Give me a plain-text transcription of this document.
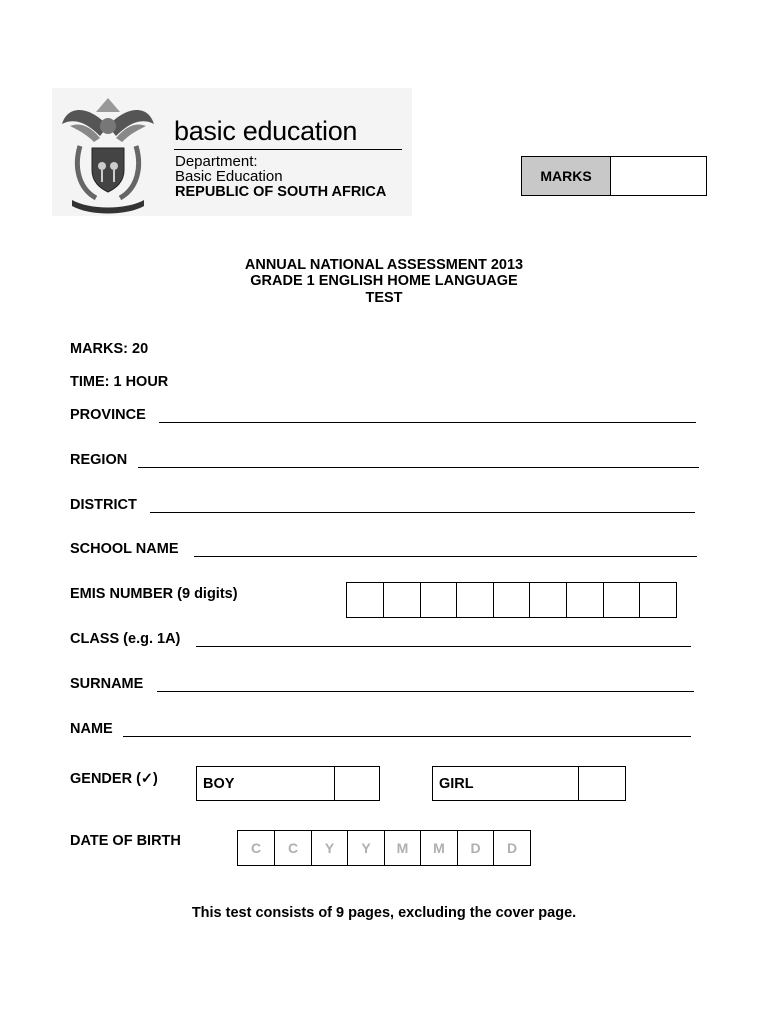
basic education
Department:
Basic Education
REPUBLIC OF SOUTH AFRICA
MARKS
ANNUAL NATIONAL ASSESSMENT 2013
GRADE 1 ENGLISH HOME LANGUAGE
TEST
MARKS: 20
TIME: 1 HOUR
PROVINCE
REGION
DISTRICT
SCHOOL NAME
EMIS NUMBER (9 digits)
CLASS (e.g. 1A)
SURNAME
NAME
GENDER (✓)	BOY	GIRL
DATE OF BIRTH	C	C	Y	Y	M	M	D	D
This test consists of 9 pages, excluding the cover page.
